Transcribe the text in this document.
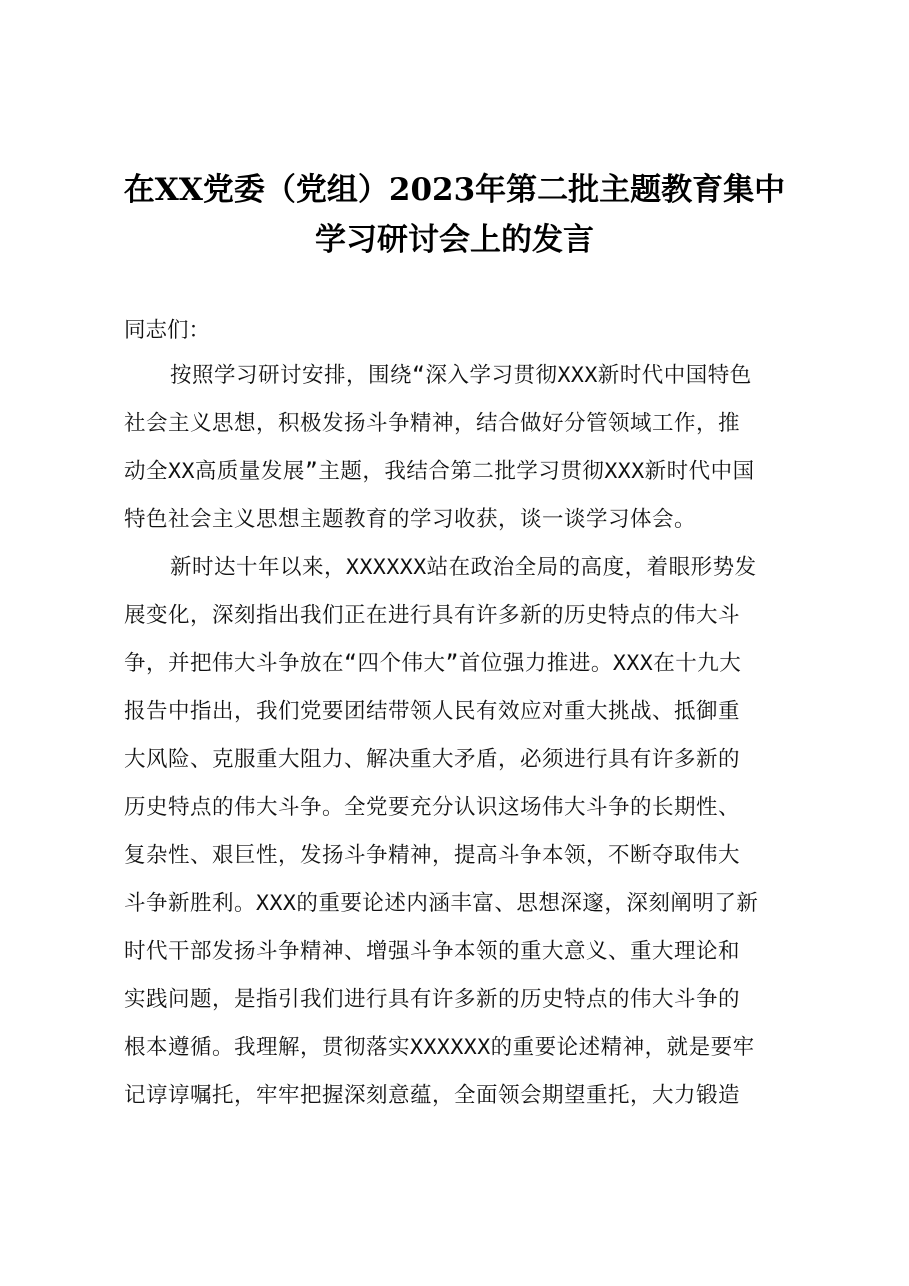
在XX党委（党组）2023年第二批主题教育集中
学习研讨会上的发言

同志们：

按照学习研讨安排，围绕“深入学习贯彻XXX新时代中国特色
社会主义思想，积极发扬斗争精神，结合做好分管领域工作，推
动全XX高质量发展”主题，我结合第二批学习贯彻XXX新时代中国
特色社会主义思想主题教育的学习收获，谈一谈学习体会。
新时达十年以来，XXXXXX站在政治全局的高度，着眼形势发
展变化，深刻指出我们正在进行具有许多新的历史特点的伟大斗
争，并把伟大斗争放在“四个伟大”首位强力推进。XXX在十九大
报告中指出，我们党要团结带领人民有效应对重大挑战、抵御重
大风险、克服重大阻力、解决重大矛盾，必须进行具有许多新的
历史特点的伟大斗争。全党要充分认识这场伟大斗争的长期性、
复杂性、艰巨性，发扬斗争精神，提高斗争本领，不断夺取伟大
斗争新胜利。XXX的重要论述内涵丰富、思想深邃，深刻阐明了新
时代干部发扬斗争精神、增强斗争本领的重大意义、重大理论和
实践问题，是指引我们进行具有许多新的历史特点的伟大斗争的
根本遵循。我理解，贯彻落实XXXXXX的重要论述精神，就是要牢
记谆谆嘱托，牢牢把握深刻意蕴，全面领会期望重托，大力锻造
